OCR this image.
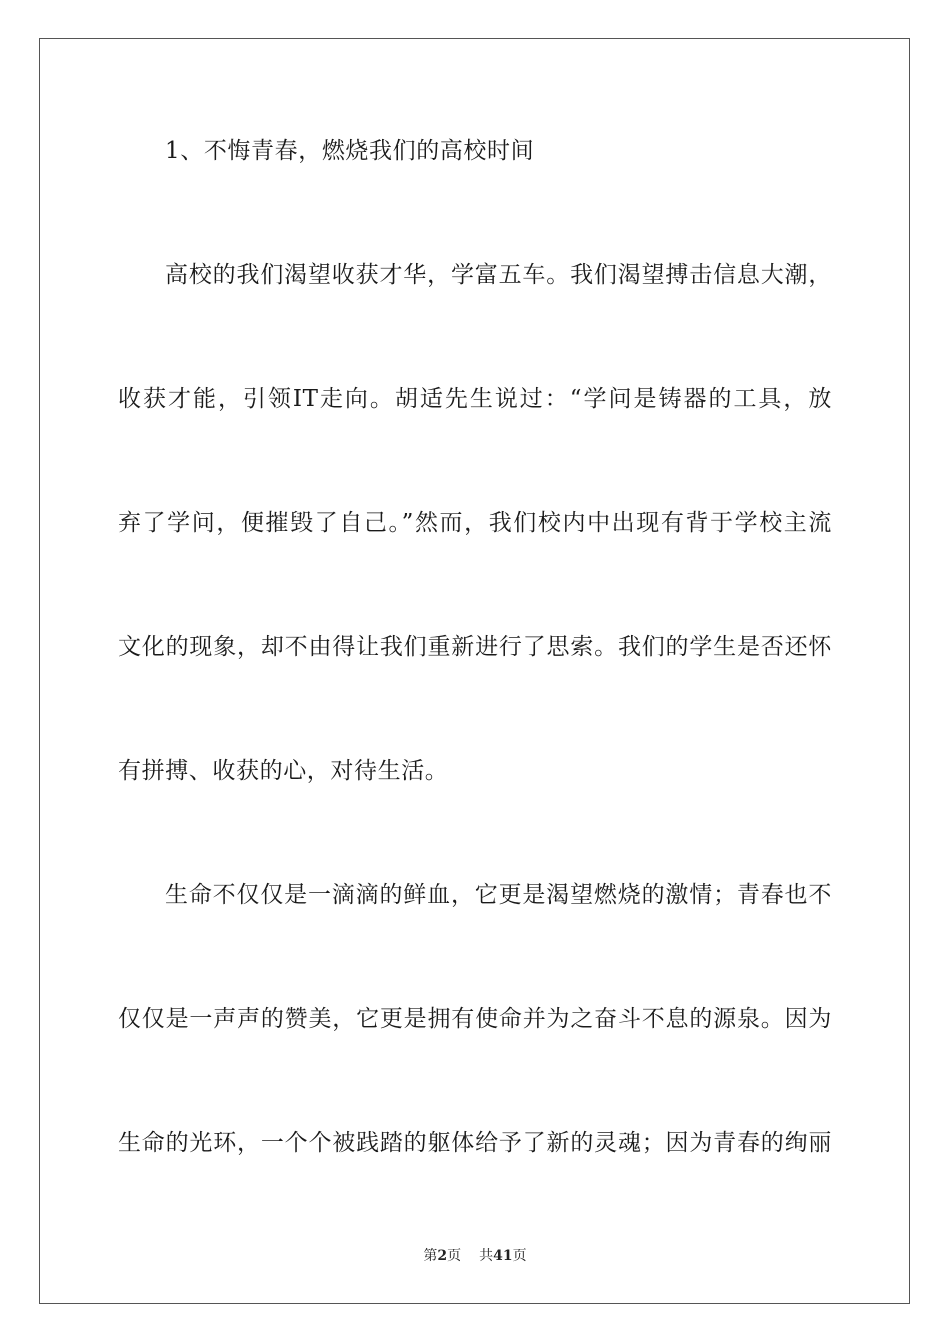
1、不悔青春，燃烧我们的高校时间
高校的我们渴望收获才华，学富五车。我们渴望搏击信息大潮，
收获才能，引领IT走向。胡适先生说过：“学问是铸器的工具，放
弃了学问，便摧毁了自己。”然而，我们校内中出现有背于学校主流
文化的现象，却不由得让我们重新进行了思索。我们的学生是否还怀
有拼搏、收获的心，对待生活。
生命不仅仅是一滴滴的鲜血，它更是渴望燃烧的激情；青春也不
仅仅是一声声的赞美，它更是拥有使命并为之奋斗不息的源泉。因为
生命的光环，一个个被践踏的躯体给予了新的灵魂；因为青春的绚丽
第2页 共41页
